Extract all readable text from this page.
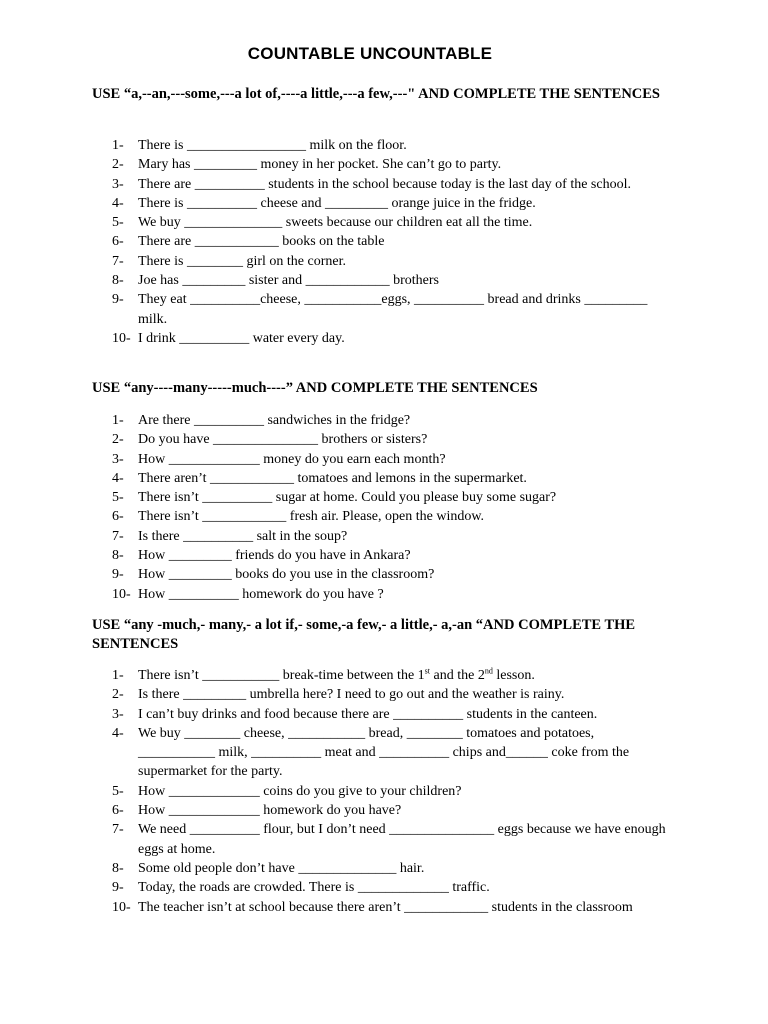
COUNTABLE UNCOUNTABLE
USE “a,--an,---some,---a lot of,----a little,---a few,---" AND COMPLETE THE SENTENCES
1- There is _________________ milk on the floor.
2- Mary has _________ money in her pocket. She can’t go to party.
3- There are __________ students in the school because today is the last day of the school.
4- There is __________ cheese and _________ orange juice in the fridge.
5- We buy ______________ sweets because our children eat all the time.
6- There are ____________ books on the table
7- There is ________ girl on the corner.
8- Joe has _________ sister and ____________ brothers
9- They eat __________cheese, ___________eggs, __________ bread and drinks _________ milk.
10- I drink __________ water every day.
USE “any----many-----much----” AND COMPLETE THE SENTENCES
1- Are there __________ sandwiches in the fridge?
2- Do you have _______________ brothers or sisters?
3- How _____________ money do you earn each month?
4- There aren’t ____________ tomatoes and lemons in the supermarket.
5- There isn’t __________ sugar at home. Could you please buy some sugar?
6- There isn’t ____________ fresh air. Please, open the window.
7- Is there __________ salt in the soup?
8- How _________ friends do you have in Ankara?
9- How _________ books do you use in the classroom?
10- How __________ homework do you have ?
USE “any -much,- many,- a lot if,- some,-a few,- a little,- a,-an “AND COMPLETE THE SENTENCES
1- There isn’t ___________ break-time between the 1st and the 2nd lesson.
2- Is there _________ umbrella here? I need to go out and the weather is rainy.
3- I can’t buy drinks and food because there are __________ students in the canteen.
4- We buy ________ cheese, ___________ bread, ________ tomatoes and potatoes, ___________ milk, __________ meat and __________ chips and______ coke from the supermarket for the party.
5- How _____________ coins do you give to your children?
6- How _____________ homework do you have?
7- We need __________ flour, but I don’t need _______________ eggs because we have enough eggs at home.
8- Some old people don’t have ______________ hair.
9- Today, the roads are crowded. There is _____________ traffic.
10- The teacher isn’t at school because there aren’t ____________ students in the classroom
